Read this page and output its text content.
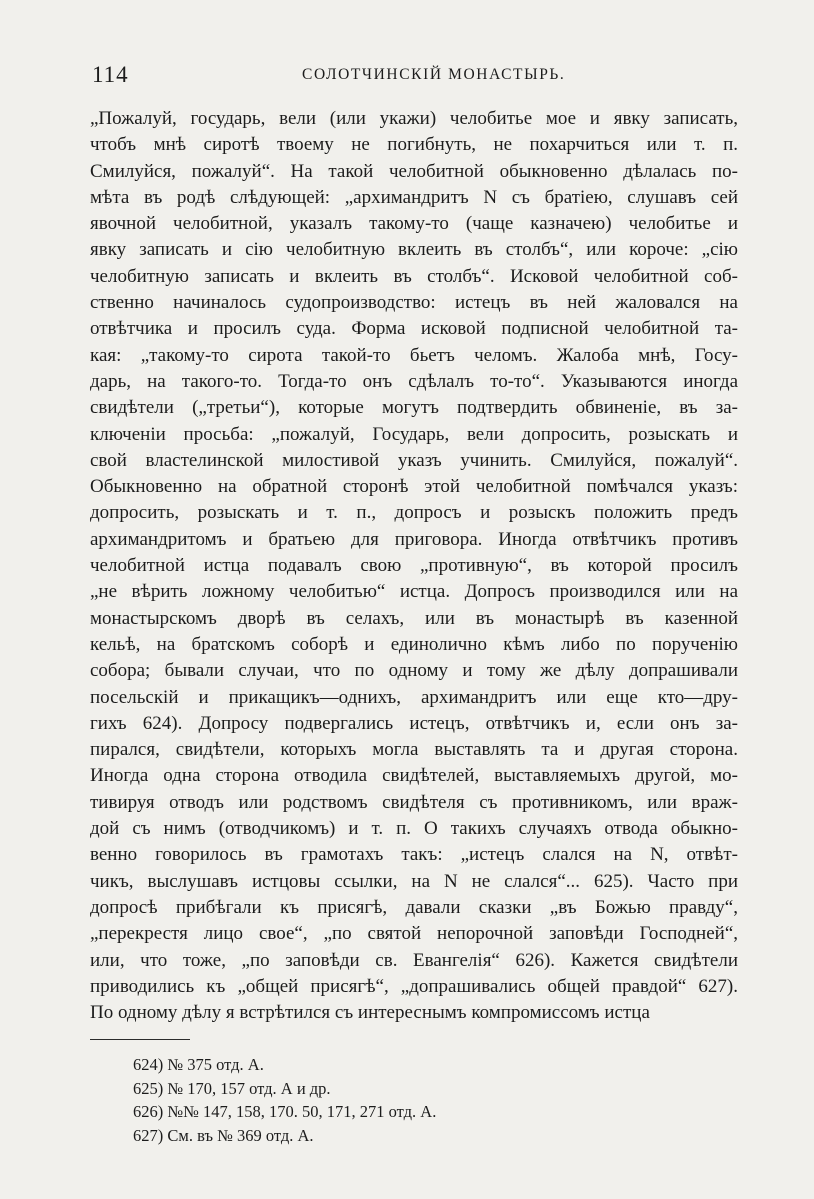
114	СОЛОТЧИНСКІЙ МОНАСТЫРЬ.
„Пожалуй, государь, вели (или укажи) челобитье мое и явку записать,
чтобъ мнѣ сиротѣ твоему не погибнуть, не похарчиться или т. п.
Смилуйся, пожалуй“. На такой челобитной обыкновенно дѣлалась по-
мѣта въ родѣ слѣдующей: „архимандритъ N съ братіею, слушавъ сей
явочной челобитной, указалъ такому-то (чаще казначею) челобитье и
явку записать и сію челобитную вклеить въ столбъ“, или короче: „сію
челобитную записать и вклеить въ столбъ“. Исковой челобитной соб-
ственно начиналось судопроизводство: истецъ въ ней жаловался на
отвѣтчика и просилъ суда. Форма исковой подписной челобитной та-
кая: „такому-то сирота такой-то бьетъ челомъ. Жалоба мнѣ, Госу-
дарь, на такого-то. Тогда-то онъ сдѣлалъ то-то“. Указываются иногда
свидѣтели („третьи“), которые могутъ подтвердить обвиненіе, въ за-
ключеніи просьба: „пожалуй, Государь, вели допросить, розыскать и
свой властелинской милостивой указъ учинить. Смилуйся, пожалуй“.
Обыкновенно на обратной сторонѣ этой челобитной помѣчался указъ:
допросить, розыскать и т. п., допросъ и розыскъ положить предъ
архимандритомъ и братьею для приговора. Иногда отвѣтчикъ противъ
челобитной истца подавалъ свою „противную“, въ которой просилъ
„не вѣрить ложному челобитью“ истца. Допросъ производился или на
монастырскомъ дворѣ въ селахъ, или въ монастырѣ въ казенной
кельѣ, на братскомъ соборѣ и единолично кѣмъ либо по порученію
собора; бывали случаи, что по одному и тому же дѣлу допрашивали
посельскій и прикащикъ—однихъ, архимандритъ или еще кто—дру-
гихъ 624). Допросу подвергались истецъ, отвѣтчикъ и, если онъ за-
пирался, свидѣтели, которыхъ могла выставлять та и другая сторона.
Иногда одна сторона отводила свидѣтелей, выставляемыхъ другой, мо-
тивируя отводъ или родствомъ свидѣтеля съ противникомъ, или враж-
дой съ нимъ (отводчикомъ) и т. п. О такихъ случаяхъ отвода обыкно-
венно говорилось въ грамотахъ такъ: „истецъ слался на N, отвѣт-
чикъ, выслушавъ истцовы ссылки, на N не слался“... 625). Часто при
допросѣ прибѣгали къ присягѣ, давали сказки „въ Божью правду“,
„перекрестя лицо свое“, „по святой непорочной заповѣди Господней“,
или, что тоже, „по заповѣди св. Евангелія“ 626). Кажется свидѣтели
приводились къ „общей присягѣ“, „допрашивались общей правдой“ 627).
По одному дѣлу я встрѣтился съ интереснымъ компромиссомъ истца
624) № 375 отд. А.
625) № 170, 157 отд. А и др.
626) №№ 147, 158, 170. 50, 171, 271 отд. А.
627) См. въ № 369 отд. А.
